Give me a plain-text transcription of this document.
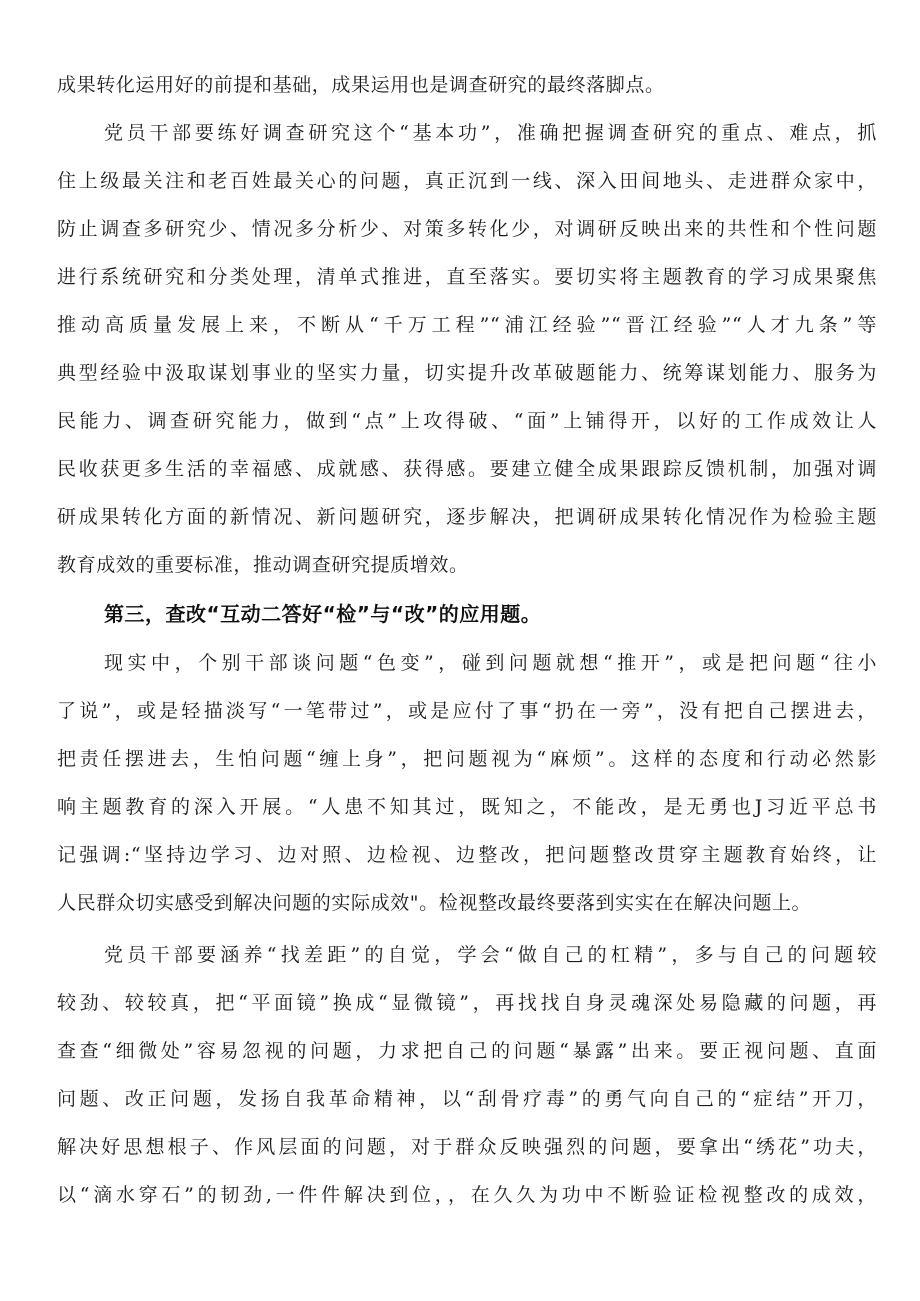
成果转化运用好的前提和基础，成果运用也是调查研究的最终落脚点。
党员干部要练好调查研究这个“基本功”，准确把握调查研究的重点、难点，抓
住上级最关注和老百姓最关心的问题，真正沉到一线、深入田间地头、走进群众家中，
防止调查多研究少、情况多分析少、对策多转化少，对调研反映出来的共性和个性问题
进行系统研究和分类处理，清单式推进，直至落实。要切实将主题教育的学习成果聚焦
推动高质量发展上来，不断从“千万工程”“浦江经验”“晋江经验”“人才九条”等
典型经验中汲取谋划事业的坚实力量，切实提升改革破题能力、统筹谋划能力、服务为
民能力、调查研究能力，做到“点”上攻得破、“面”上铺得开，以好的工作成效让人
民收获更多生活的幸福感、成就感、获得感。要建立健全成果跟踪反馈机制，加强对调
研成果转化方面的新情况、新问题研究，逐步解决，把调研成果转化情况作为检验主题
教育成效的重要标准，推动调查研究提质增效。
第三，查改“互动二答好“检”与“改”的应用题。
现实中，个别干部谈问题“色变”，碰到问题就想“推开”，或是把问题“往小
了说”，或是轻描淡写“一笔带过”，或是应付了事“扔在一旁”，没有把自己摆进去，
把责任摆进去，生怕问题“缠上身”，把问题视为“麻烦”。这样的态度和行动必然影
响主题教育的深入开展。“人患不知其过，既知之，不能改，是无勇也J习近平总书
记强调:“坚持边学习、边对照、边检视、边整改，把问题整改贯穿主题教育始终，让
人民群众切实感受到解决问题的实际成效"。检视整改最终要落到实实在在解决问题上。
党员干部要涵养“找差距”的自觉，学会“做自己的杠精”，多与自己的问题较
较劲、较较真，把“平面镜”换成“显微镜”，再找找自身灵魂深处易隐藏的问题，再
查查“细微处”容易忽视的问题，力求把自己的问题“暴露”出来。要正视问题、直面
问题、改正问题，发扬自我革命精神，以“刮骨疗毒”的勇气向自己的“症结”开刀，
解决好思想根子、作风层面的问题，对于群众反映强烈的问题，要拿出“绣花”功夫，
以“滴水穿石”的韧劲,一件件解决到位，，在久久为功中不断验证检视整改的成效，
